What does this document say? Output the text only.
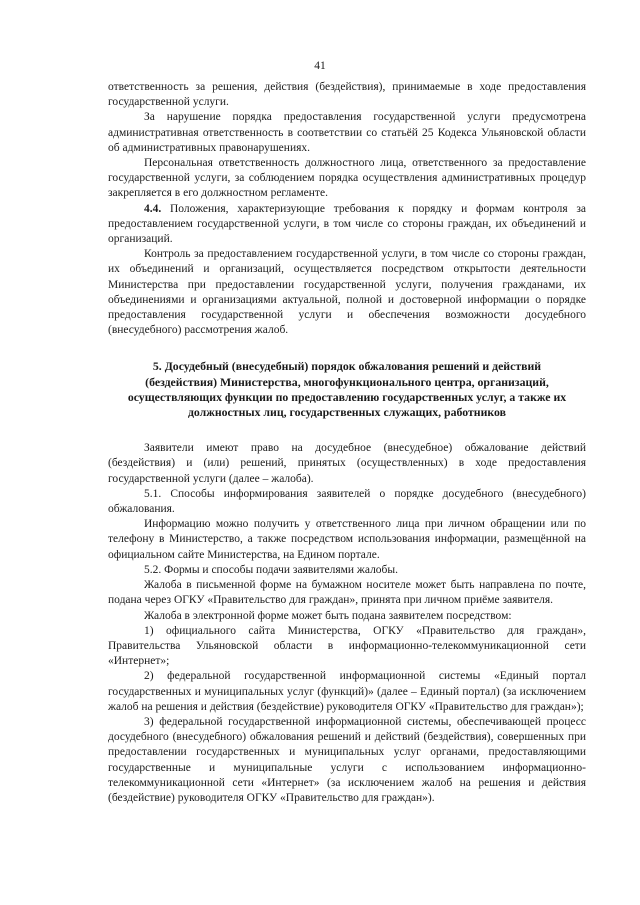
41

ответственность за решения, действия (бездействия), принимаемые в ходе предоставления государственной услуги.

За нарушение порядка предоставления государственной услуги предусмотрена административная ответственность в соответствии со статьёй 25 Кодекса Ульяновской области об административных правонарушениях.

Персональная ответственность должностного лица, ответственного за предоставление государственной услуги, за соблюдением порядка осуществления административных процедур закрепляется в его должностном регламенте.

4.4. Положения, характеризующие требования к порядку и формам контроля за предоставлением государственной услуги, в том числе со стороны граждан, их объединений и организаций.

Контроль за предоставлением государственной услуги, в том числе со стороны граждан, их объединений и организаций, осуществляется посредством открытости деятельности Министерства при предоставлении государственной услуги, получения гражданами, их объединениями и организациями актуальной, полной и достоверной информации о порядке предоставления государственной услуги и обеспечения возможности досудебного (внесудебного) рассмотрения жалоб.

5. Досудебный (внесудебный) порядок обжалования решений и действий (бездействия) Министерства, многофункционального центра, организаций, осуществляющих функции по предоставлению государственных услуг, а также их должностных лиц, государственных служащих, работников

Заявители имеют право на досудебное (внесудебное) обжалование действий (бездействия) и (или) решений, принятых (осуществленных) в ходе предоставления государственной услуги (далее – жалоба).

5.1. Способы информирования заявителей о порядке досудебного (внесудебного) обжалования.

Информацию можно получить у ответственного лица при личном обращении или по телефону в Министерство, а также посредством использования информации, размещённой на официальном сайте Министерства, на Едином портале.

5.2. Формы и способы подачи заявителями жалобы.

Жалоба в письменной форме на бумажном носителе может быть направлена по почте, подана через ОГКУ «Правительство для граждан», принята при личном приёме заявителя.

Жалоба в электронной форме может быть подана заявителем посредством:

1) официального сайта Министерства, ОГКУ «Правительство для граждан», Правительства Ульяновской области в информационно-телекоммуникационной сети «Интернет»;

2) федеральной государственной информационной системы «Единый портал государственных и муниципальных услуг (функций)» (далее – Единый портал) (за исключением жалоб на решения и действия (бездействие) руководителя ОГКУ «Правительство для граждан»);

3) федеральной государственной информационной системы, обеспечивающей процесс досудебного (внесудебного) обжалования решений и действий (бездействия), совершенных при предоставлении государственных и муниципальных услуг органами, предоставляющими государственные и муниципальные услуги с использованием информационно-телекоммуникационной сети «Интернет» (за исключением жалоб на решения и действия (бездействие) руководителя ОГКУ «Правительство для граждан»).
